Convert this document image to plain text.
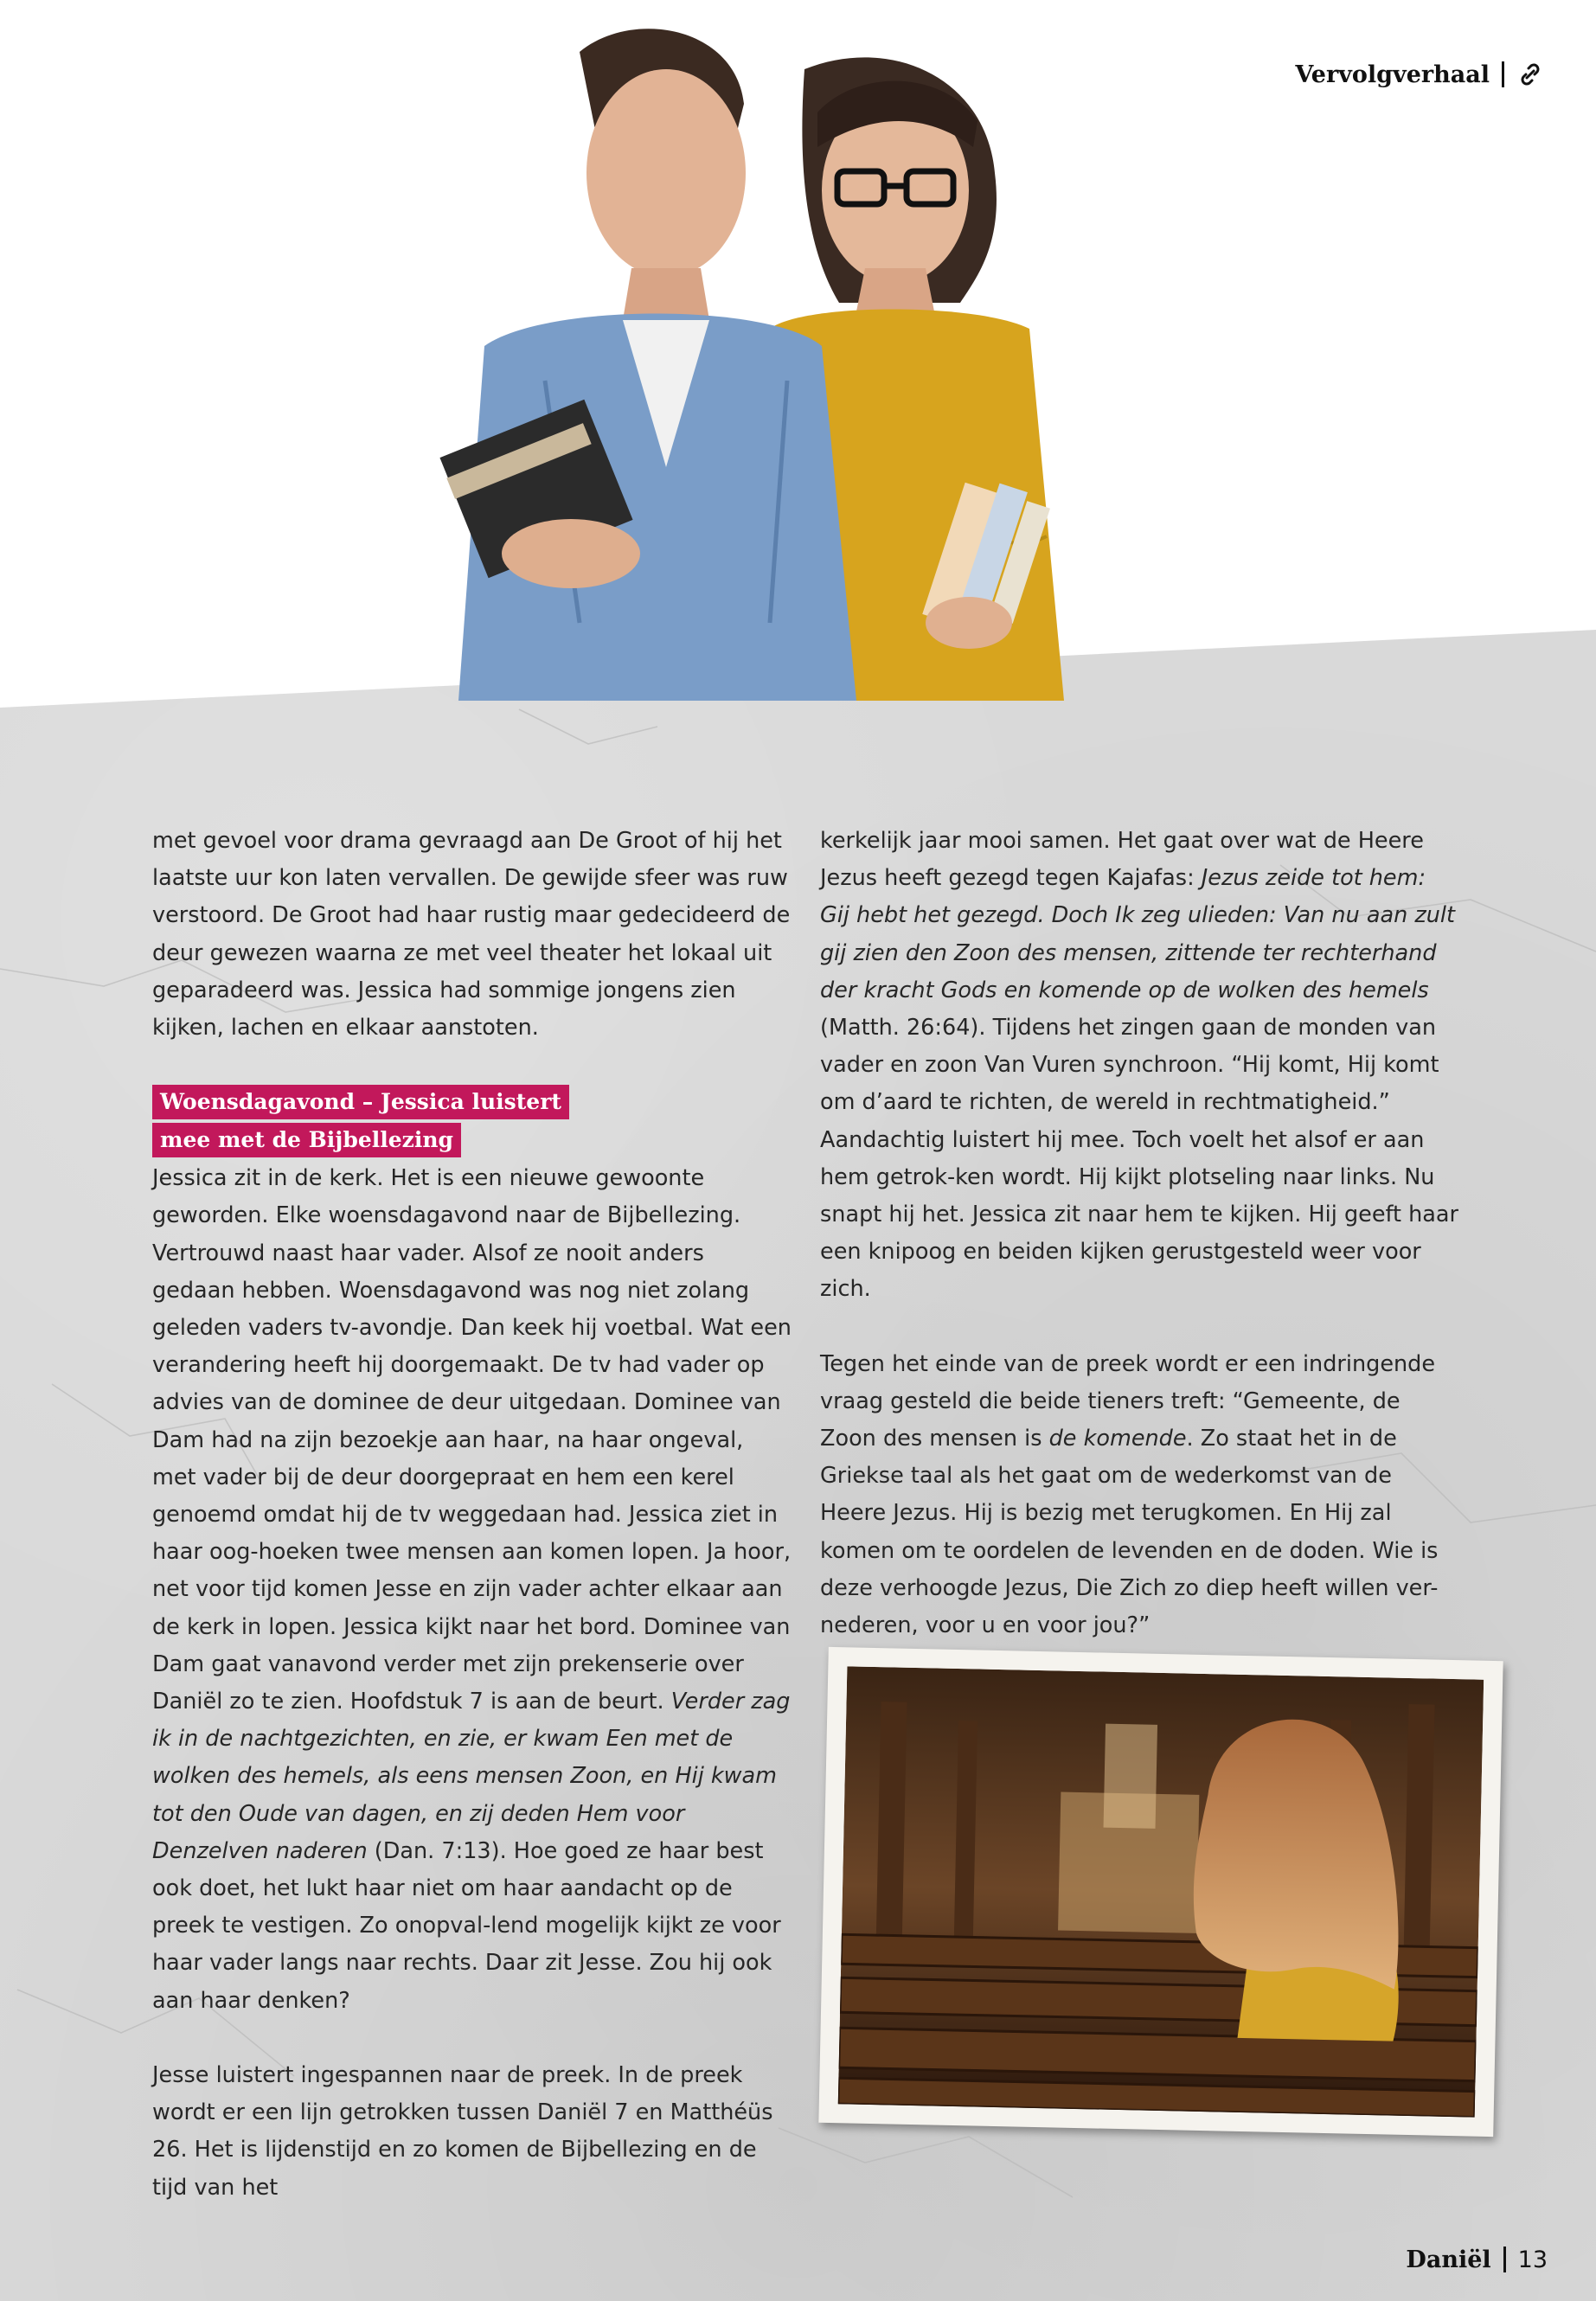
Vervolgverhaal

met gevoel voor drama gevraagd aan De Groot of hij het laatste uur kon laten vervallen. De gewijde sfeer was ruw verstoord. De Groot had haar rustig maar gedecideerd de deur gewezen waarna ze met veel theater het lokaal uit geparadeerd was. Jessica had sommige jongens zien kijken, lachen en elkaar aanstoten.

Woensdagavond – Jessica luistert
mee met de Bijbellezing

Jessica zit in de kerk. Het is een nieuwe gewoonte geworden. Elke woensdagavond naar de Bijbellezing. Vertrouwd naast haar vader. Alsof ze nooit anders gedaan hebben. Woensdagavond was nog niet zolang geleden vaders tv-avondje. Dan keek hij voetbal. Wat een verandering heeft hij doorgemaakt. De tv had vader op advies van de dominee de deur uitgedaan. Dominee van Dam had na zijn bezoekje aan haar, na haar ongeval, met vader bij de deur doorgepraat en hem een kerel genoemd omdat hij de tv weggedaan had. Jessica ziet in haar oog-hoeken twee mensen aan komen lopen. Ja hoor, net voor tijd komen Jesse en zijn vader achter elkaar aan de kerk in lopen. Jessica kijkt naar het bord. Dominee van Dam gaat vanavond verder met zijn prekenserie over Daniël zo te zien. Hoofdstuk 7 is aan de beurt. Verder zag ik in de nachtgezichten, en zie, er kwam Een met de wolken des hemels, als eens mensen Zoon, en Hij kwam tot den Oude van dagen, en zij deden Hem voor Denzelven naderen (Dan. 7:13). Hoe goed ze haar best ook doet, het lukt haar niet om haar aandacht op de preek te vestigen. Zo onopval-lend mogelijk kijkt ze voor haar vader langs naar rechts. Daar zit Jesse. Zou hij ook aan haar denken?

Jesse luistert ingespannen naar de preek. In de preek wordt er een lijn getrokken tussen Daniël 7 en Matthéüs 26. Het is lijdenstijd en zo komen de Bijbellezing en de tijd van het

kerkelijk jaar mooi samen. Het gaat over wat de Heere Jezus heeft gezegd tegen Kajafas: Jezus zeide tot hem: Gij hebt het gezegd. Doch Ik zeg ulieden: Van nu aan zult gij zien den Zoon des mensen, zittende ter rechterhand der kracht Gods en komende op de wolken des hemels (Matth. 26:64). Tijdens het zingen gaan de monden van vader en zoon Van Vuren synchroon. “Hij komt, Hij komt om d’aard te richten, de wereld in rechtmatigheid.” Aandachtig luistert hij mee. Toch voelt het alsof er aan hem getrok-ken wordt. Hij kijkt plotseling naar links. Nu snapt hij het. Jessica zit naar hem te kijken. Hij geeft haar een knipoog en beiden kijken gerustgesteld weer voor zich.

Tegen het einde van de preek wordt er een indringende vraag gesteld die beide tieners treft: “Gemeente, de Zoon des mensen is de komende. Zo staat het in de Griekse taal als het gaat om de wederkomst van de Heere Jezus. Hij is bezig met terugkomen. En Hij zal komen om te oordelen de levenden en de doden. Wie is deze verhoogde Jezus, Die Zich zo diep heeft willen ver-nederen, voor u en voor jou?”

Daniël 13
